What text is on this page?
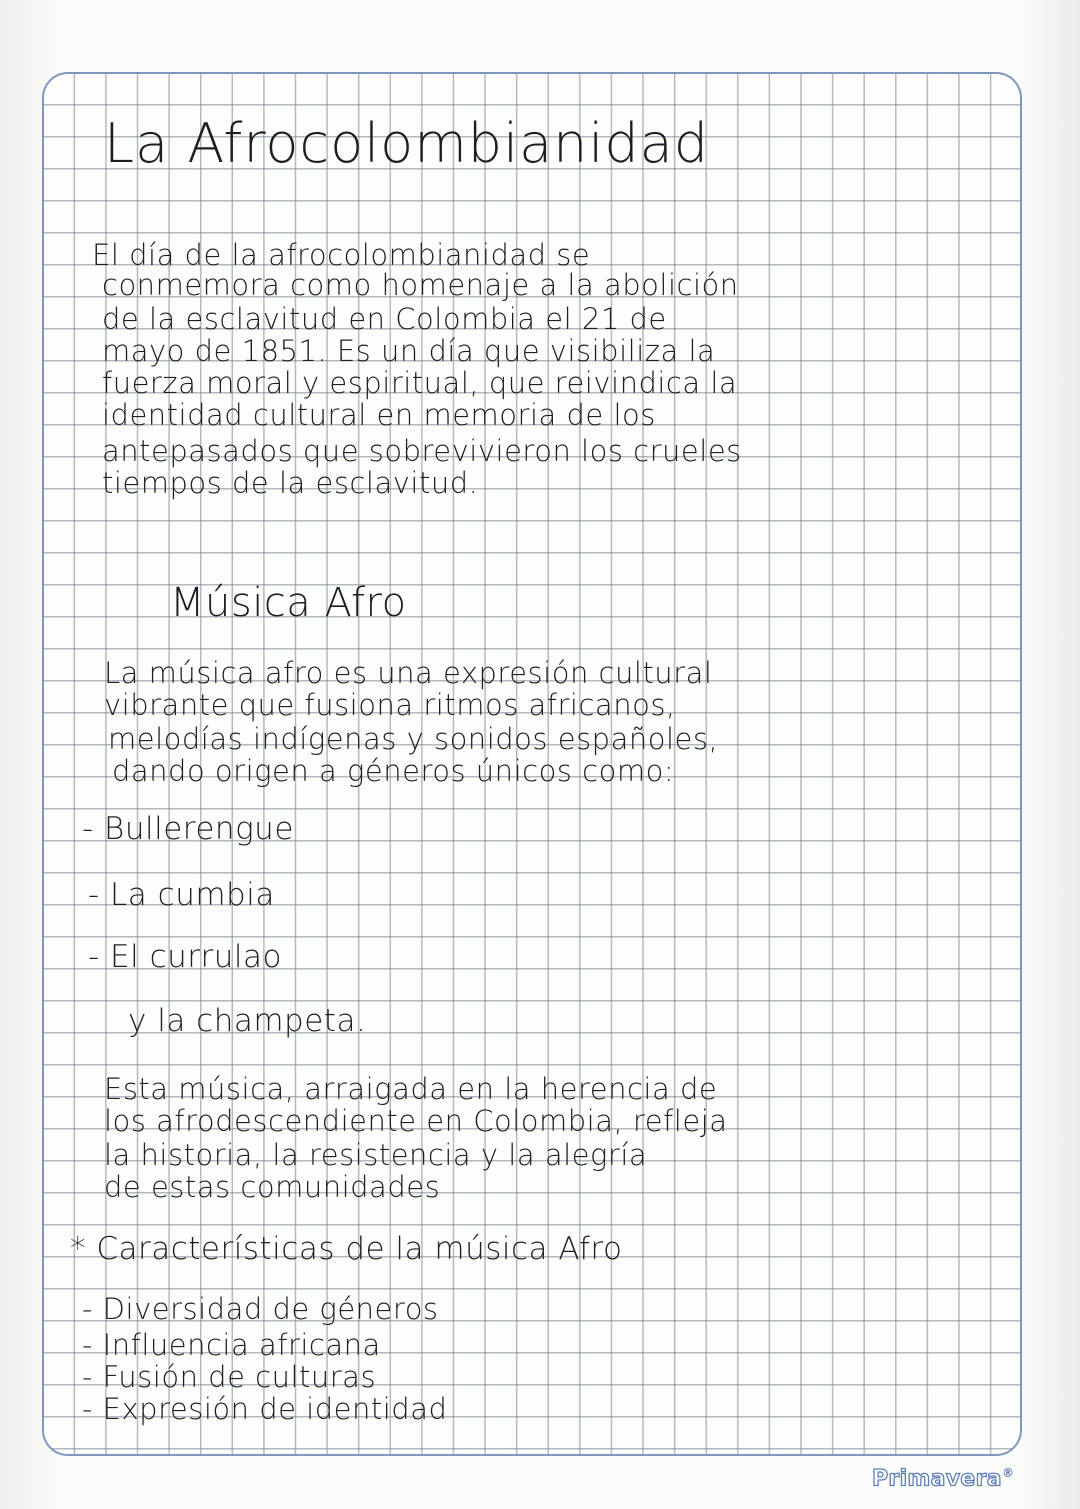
La Afrocolombianidad
El día de la afrocolombianidad se
conmemora como homenaje a la abolición
de la esclavitud en Colombia el 21 de
mayo de 1851. Es un día que visibiliza la
fuerza moral y espiritual, que reivindica la
identidad cultural en memoria de los
antepasados que sobrevivieron los crueles
tiempos de la esclavitud.
Música Afro
La música afro es una expresión cultural
vibrante que fusiona ritmos africanos,
melodías indígenas y sonidos españoles,
dando origen a géneros únicos como:
- Bullerengue
- La cumbia
- El currulao
y la champeta.
Esta música, arraigada en la herencia de
los afrodescendiente en Colombia, refleja
la historia, la resistencia y la alegría
de estas comunidades
* Características de la música Afro
- Diversidad de géneros
- Influencia africana
- Fusión de culturas
- Expresión de identidad
Primavera®
